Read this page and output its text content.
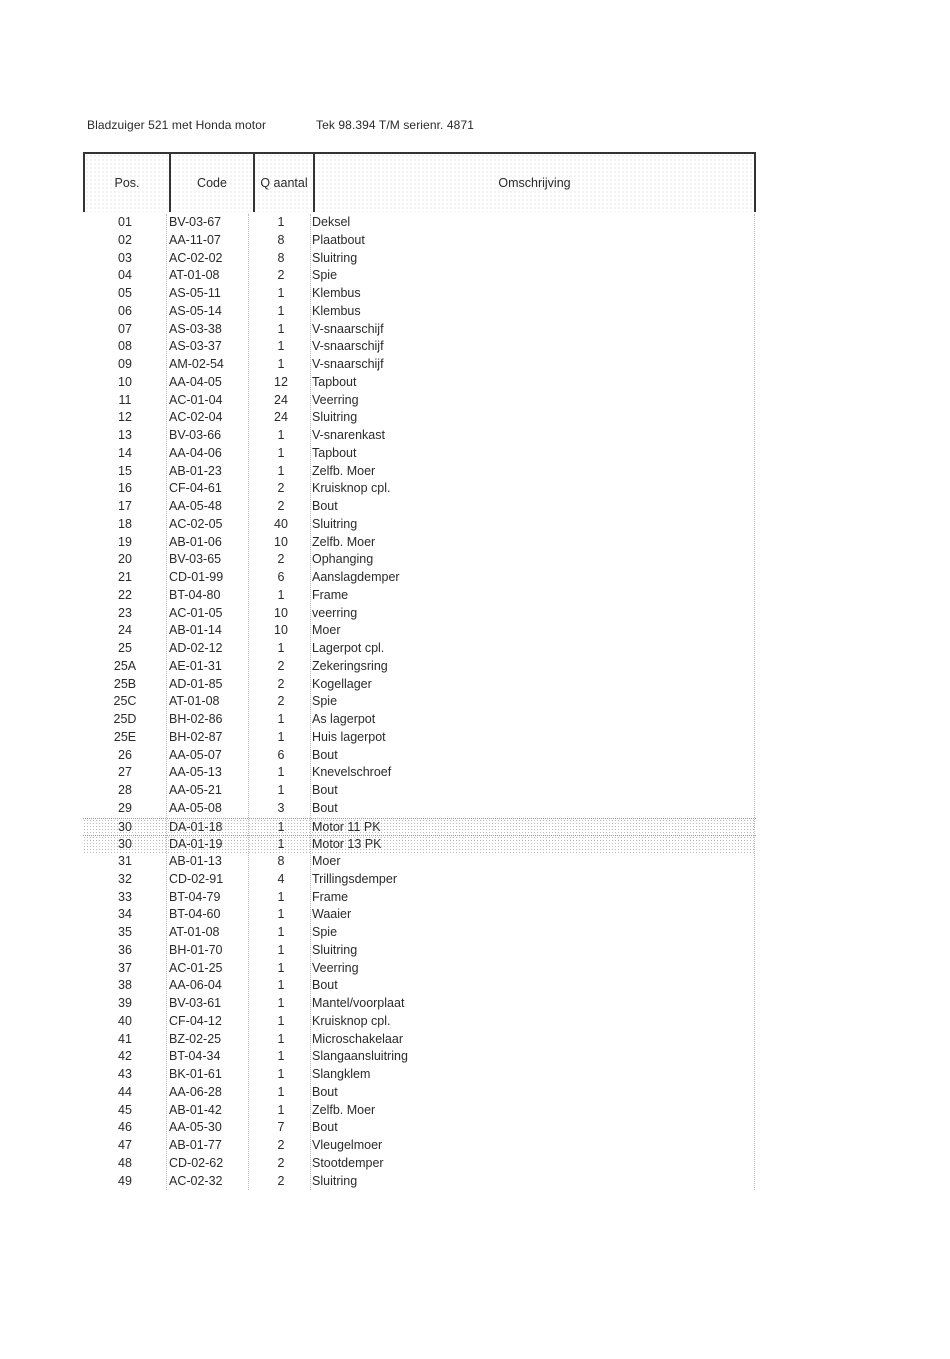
Bladzuiger 521 met Honda motor	Tek 98.394 T/M serienr. 4871
Pos.	Code	Q aantal	Omschrijving
01	BV-03-67	1	Deksel
02	AA-11-07	8	Plaatbout
03	AC-02-02	8	Sluitring
04	AT-01-08	2	Spie
05	AS-05-11	1	Klembus
06	AS-05-14	1	Klembus
07	AS-03-38	1	V-snaarschijf
08	AS-03-37	1	V-snaarschijf
09	AM-02-54	1	V-snaarschijf
10	AA-04-05	12	Tapbout
11	AC-01-04	24	Veerring
12	AC-02-04	24	Sluitring
13	BV-03-66	1	V-snarenkast
14	AA-04-06	1	Tapbout
15	AB-01-23	1	Zelfb. Moer
16	CF-04-61	2	Kruisknop cpl.
17	AA-05-48	2	Bout
18	AC-02-05	40	Sluitring
19	AB-01-06	10	Zelfb. Moer
20	BV-03-65	2	Ophanging
21	CD-01-99	6	Aanslagdemper
22	BT-04-80	1	Frame
23	AC-01-05	10	veerring
24	AB-01-14	10	Moer
25	AD-02-12	1	Lagerpot cpl.
25A	AE-01-31	2	Zekeringsring
25B	AD-01-85	2	Kogellager
25C	AT-01-08	2	Spie
25D	BH-02-86	1	As lagerpot
25E	BH-02-87	1	Huis lagerpot
26	AA-05-07	6	Bout
27	AA-05-13	1	Knevelschroef
28	AA-05-21	1	Bout
29	AA-05-08	3	Bout
30	DA-01-18	1	Motor 11 PK
30	DA-01-19	1	Motor 13 PK
31	AB-01-13	8	Moer
32	CD-02-91	4	Trillingsdemper
33	BT-04-79	1	Frame
34	BT-04-60	1	Waaier
35	AT-01-08	1	Spie
36	BH-01-70	1	Sluitring
37	AC-01-25	1	Veerring
38	AA-06-04	1	Bout
39	BV-03-61	1	Mantel/voorplaat
40	CF-04-12	1	Kruisknop cpl.
41	BZ-02-25	1	Microschakelaar
42	BT-04-34	1	Slangaansluitring
43	BK-01-61	1	Slangklem
44	AA-06-28	1	Bout
45	AB-01-42	1	Zelfb. Moer
46	AA-05-30	7	Bout
47	AB-01-77	2	Vleugelmoer
48	CD-02-62	2	Stootdemper
49	AC-02-32	2	Sluitring
